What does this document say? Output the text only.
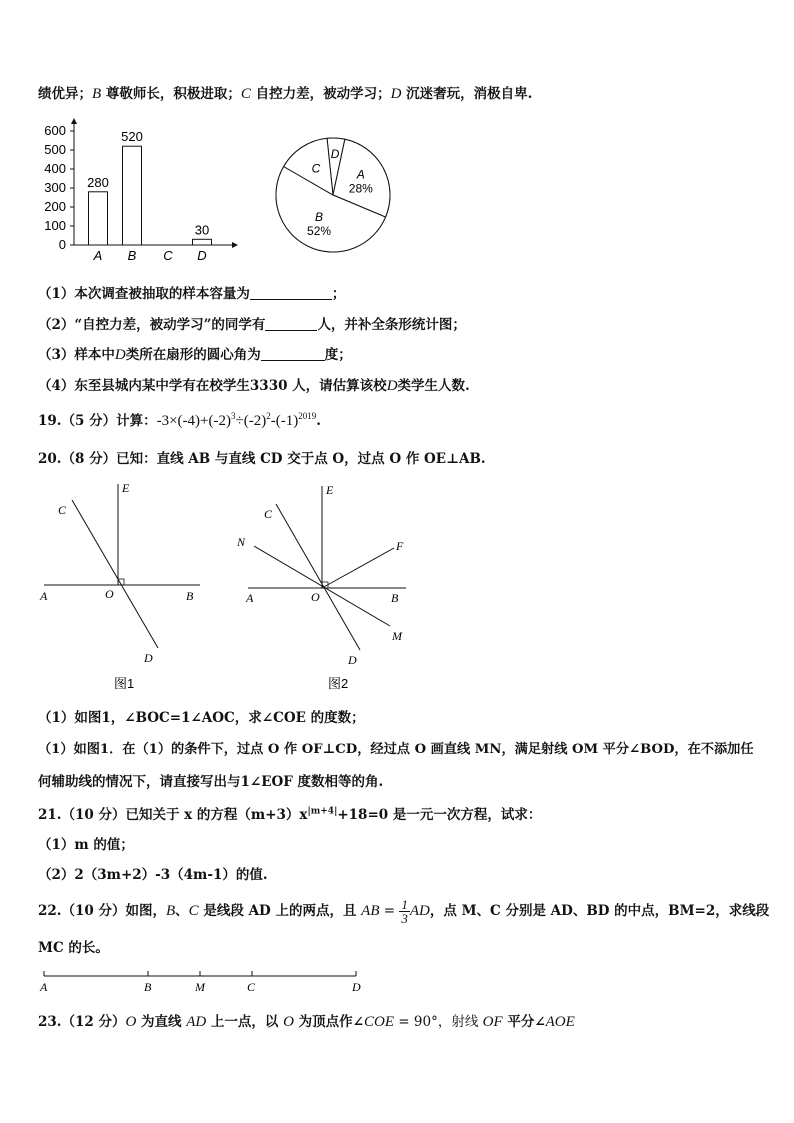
绩优异；B 尊敬师长，积极进取；C 自控力差，被动学习；D 沉迷奢玩，消极自卑.
0
100
200
300
400
500
600
280
A
520
B C
30
D
D
A
28%
B
52%
C
（1）本次调查被抽取的样本容量为	；
（2）“自控力差，被动学习”的同学有	人，并补全条形统计图；
（3）样本中D类所在扇形的圆心角为	度；
（4）东至县城内某中学有在校学生3330 人，请估算该校D类学生人数.
19.（5 分）计算：$-3\times(-4)+(-2)^3\div(-2)^2-(-1)^{2019}$.
20.（8 分）已知：直线 AB 与直线 CD 交于点 O，过点 O 作 OE⊥AB.
E
C
A	O	B
D
图1
E
C
N	F
A	O	B
M
D
图2
（1）如图1，∠BOC=1∠AOC，求∠COE 的度数；
（1）如图1．在（1）的条件下，过点 O 作 OF⊥CD，经过点 O 画直线 MN，满足射线 OM 平分∠BOD，在不添加任
何辅助线的情况下，请直接写出与1∠EOF 度数相等的角.
21.（10 分）已知关于 x 的方程$(m+3)x^{|m+4|}+18=0$ 是一元一次方程，试求：
（1）m 的值；
（2）2（3m+2）-3（4m-1）的值.
22.（10 分）如图，B、C 是线段 AD 上的两点，且 AB = $\frac{1}{3}$ AD，点 M、C 分别是 AD、BD 的中点，BM=2，求线段
MC 的长。
A	B	M	C	D
23.（12 分）O 为直线 AD 上一点，以 O 为顶点作∠COE = 90°，射线 OF 平分∠AOE
